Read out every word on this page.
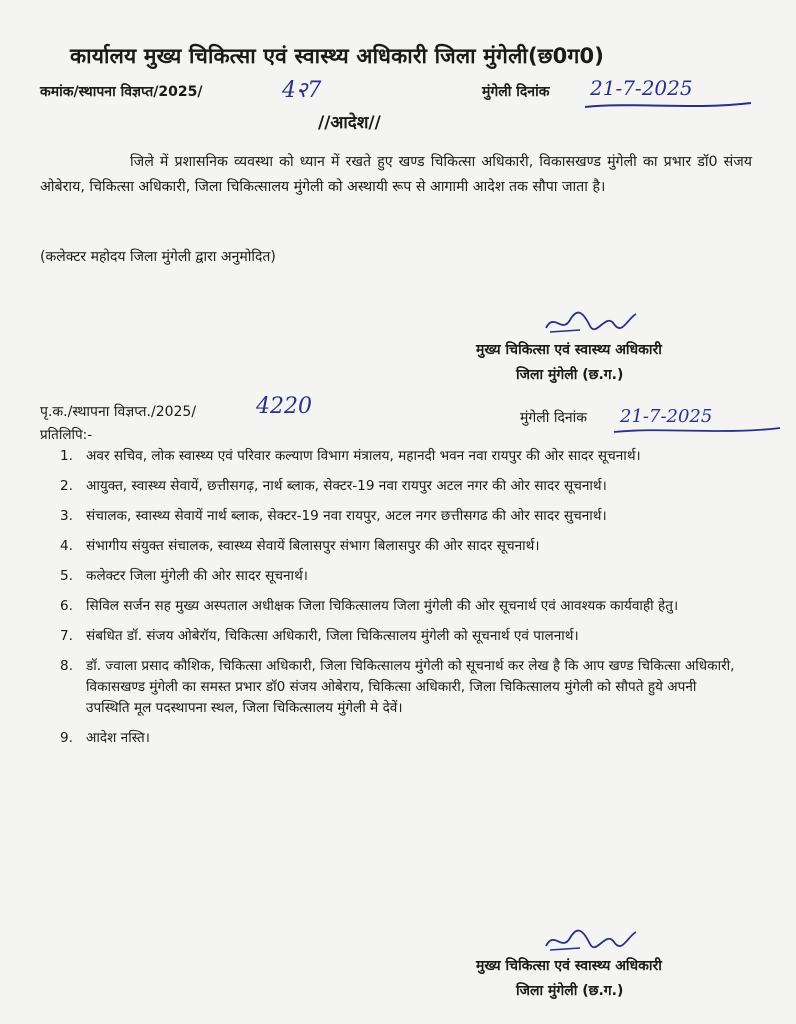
कार्यालय मुख्य चिकित्सा एवं स्वास्थ्य अधिकारी जिला मुंगेली(छ0ग0)
कमांक/स्थापना विज्ञप्त/2025/	4२7	मुंगेली दिनांक 21-7-2025
//आदेश//
जिले में प्रशासनिक व्यवस्था को ध्यान में रखते हुए खण्ड चिकित्सा अधिकारी, विकासखण्ड मुंगेली का प्रभार डॉ0 संजय ओबेराय, चिकित्सा अधिकारी, जिला चिकित्सालय मुंगेली को अस्थायी रूप से आगामी आदेश तक सौपा जाता है।
(कलेक्टर महोदय जिला मुंगेली द्वारा अनुमोदित)
मुख्य चिकित्सा एवं स्वास्थ्य अधिकारी
जिला मुंगेली (छ.ग.)
पृ.क./स्थापना विज्ञप्त./2025/	4220	मुंगेली दिनांक 21-7-2025
प्रतिलिपि:-
1. अवर सचिव, लोक स्वास्थ्य एवं परिवार कल्याण विभाग मंत्रालय, महानदी भवन नवा रायपुर की ओर सादर सूचनार्थ।
2. आयुक्त, स्वास्थ्य सेवायें, छत्तीसगढ़, नार्थ ब्लाक, सेक्टर-19 नवा रायपुर अटल नगर की ओर सादर सूचनार्थ।
3. संचालक, स्वास्थ्य सेवायें नार्थ ब्लाक, सेक्टर-19 नवा रायपुर, अटल नगर छत्तीसगढ की ओर सादर सुचनार्थ।
4. संभागीय संयुक्त संचालक, स्वास्थ्य सेवायें बिलासपुर संभाग बिलासपुर की ओर सादर सूचनार्थ।
5. कलेक्टर जिला मुंगेली की ओर सादर सूचनार्थ।
6. सिविल सर्जन सह मुख्य अस्पताल अधीक्षक जिला चिकित्सालय जिला मुंगेली की ओर सूचनार्थ एवं आवश्यक कार्यवाही हेतु।
7. संबधित डॉ. संजय ओबेरॉय, चिकित्सा अधिकारी, जिला चिकित्सालय मुंगेली को सूचनार्थ एवं पालनार्थ।
8. डॉ. ज्वाला प्रसाद कौशिक, चिकित्सा अधिकारी, जिला चिकित्सालय मुंगेली को सूचनार्थ कर लेख है कि आप खण्ड चिकित्सा अधिकारी, विकासखण्ड मुंगेली का समस्त प्रभार डॉ0 संजय ओबेराय, चिकित्सा अधिकारी, जिला चिकित्सालय मुंगेली को सौपते हुये अपनी उपस्थिति मूल पदस्थापना स्थल, जिला चिकित्सालय मुंगेली मे देवें।
9. आदेश नस्ति।
मुख्य चिकित्सा एवं स्वास्थ्य अधिकारी
जिला मुंगेली (छ.ग.)
